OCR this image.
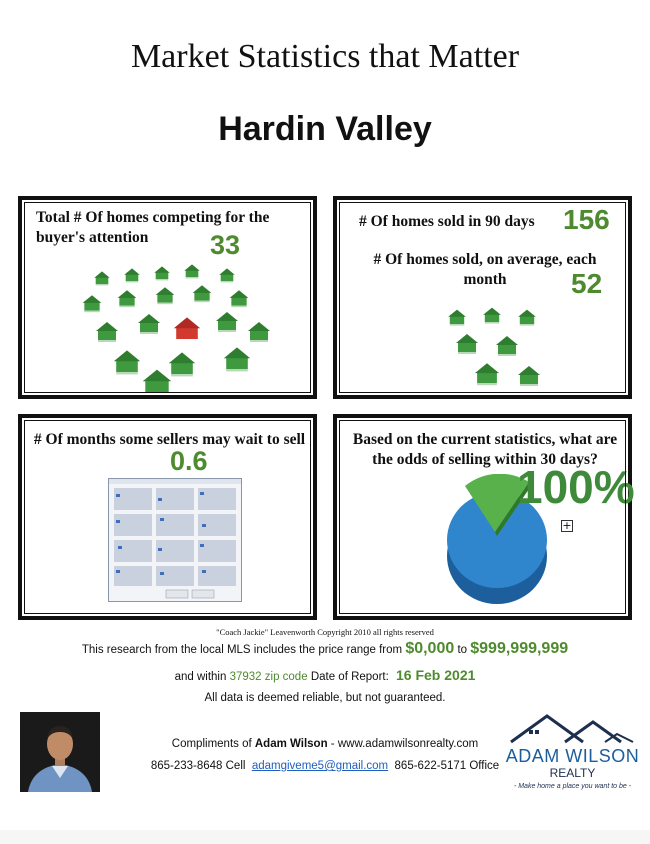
Market Statistics that Matter
Hardin Valley
Total # Of homes competing for the buyer's attention	33
# Of homes sold in 90 days 156
# Of homes sold, on average, each month	52
# Of months some sellers may wait to sell
0.6
Based on the current statistics, what are the odds of selling within 30 days?
100%
+
"Coach Jackie" Leavenworth Copyright 2010 all rights reserved
This research from the local MLS includes the price range from $0,000 to $999,999,999
and within 37932 zip code Date of Report: 16 Feb 2021
All data is deemed reliable, but not guaranteed.
Compliments of Adam Wilson - www.adamwilsonrealty.com
865-233-8648 Cell adamgiveme5@gmail.com 865-622-5171 Office ADAM WILSON
REALTY
- Make home a place you want to be -
